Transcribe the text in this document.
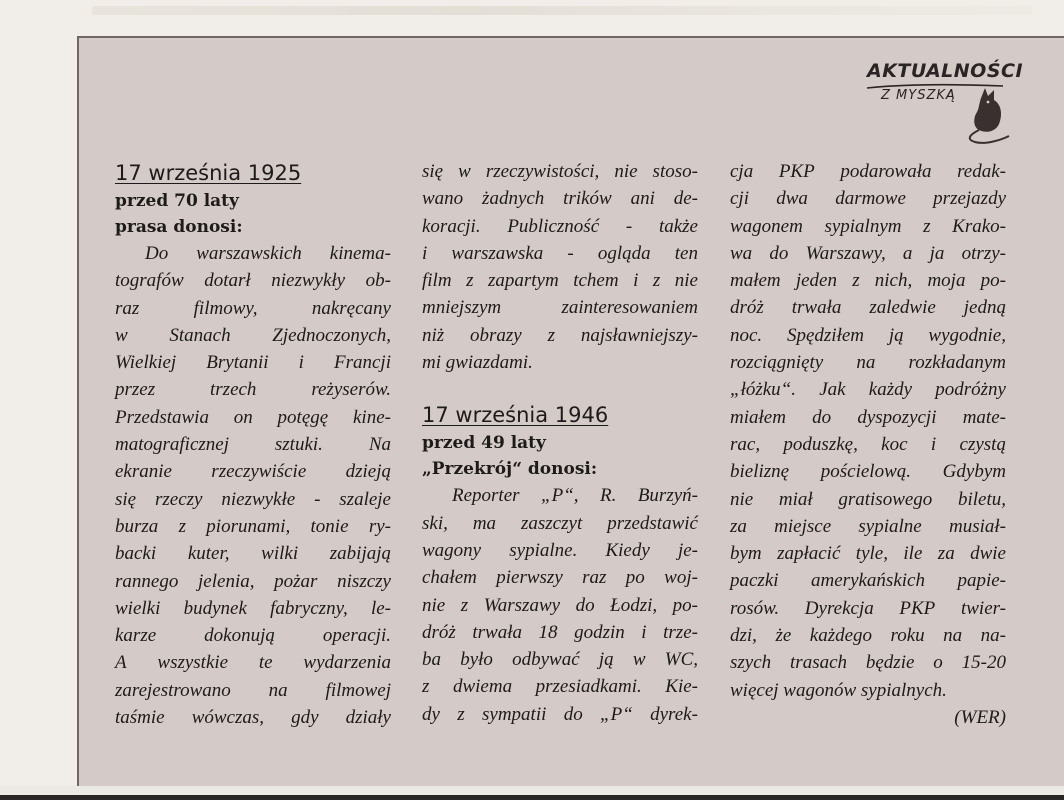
AKTUALNOŚCI
Z MYSZKĄ
17 września 1925
przed 70 laty
prasa donosi:
Do warszawskich kinema-
tografów dotarł niezwykły ob-
raz	filmowy,	nakręcany
w Stanach Zjednoczonych,
Wielkiej Brytanii i Francji
przez	trzech	reżyserów.
Przedstawia on potęgę kine-
matograficznej sztuki. Na
ekranie rzeczywiście dzieją
się rzeczy niezwykłe - szaleje
burza z piorunami, tonie ry-
backi kuter, wilki zabijają
rannego jelenia, pożar niszczy
wielki budynek fabryczny, le-
karze	dokonują	operacji.
A wszystkie te wydarzenia
zarejestrowano na filmowej
taśmie wówczas, gdy działy
się w rzeczywistości, nie stoso-
wano żadnych trików ani de-
koracji. Publiczność - także
i warszawska - ogląda ten
film z zapartym tchem i z nie
mniejszym	zainteresowaniem
niż obrazy z najsławniejszy-
mi gwiazdami.
17 września 1946
przed 49 laty
„Przekrój“ donosi:
Reporter „P“, R. Burzyń-
ski, ma zaszczyt przedstawić
wagony sypialne. Kiedy je-
chałem pierwszy raz po woj-
nie z Warszawy do Łodzi, po-
dróż trwała 18 godzin i trze-
ba było odbywać ją w WC,
z dwiema przesiadkami. Kie-
dy z sympatii do „P“ dyrek-
cja PKP podarowała redak-
cji dwa darmowe przejazdy
wagonem sypialnym z Krako-
wa do Warszawy, a ja otrzy-
małem jeden z nich, moja po-
dróż trwała zaledwie jedną
noc. Spędziłem ją wygodnie,
rozciągnięty na rozkładanym
„łóżku“. Jak każdy podróżny
miałem do dyspozycji mate-
rac, poduszkę, koc i czystą
bieliznę pościelową. Gdybym
nie miał gratisowego biletu,
za miejsce sypialne musiał-
bym zapłacić tyle, ile za dwie
paczki amerykańskich papie-
rosów. Dyrekcja PKP twier-
dzi, że każdego roku na na-
szych trasach będzie o 15-20
więcej wagonów sypialnych.
(WER)
